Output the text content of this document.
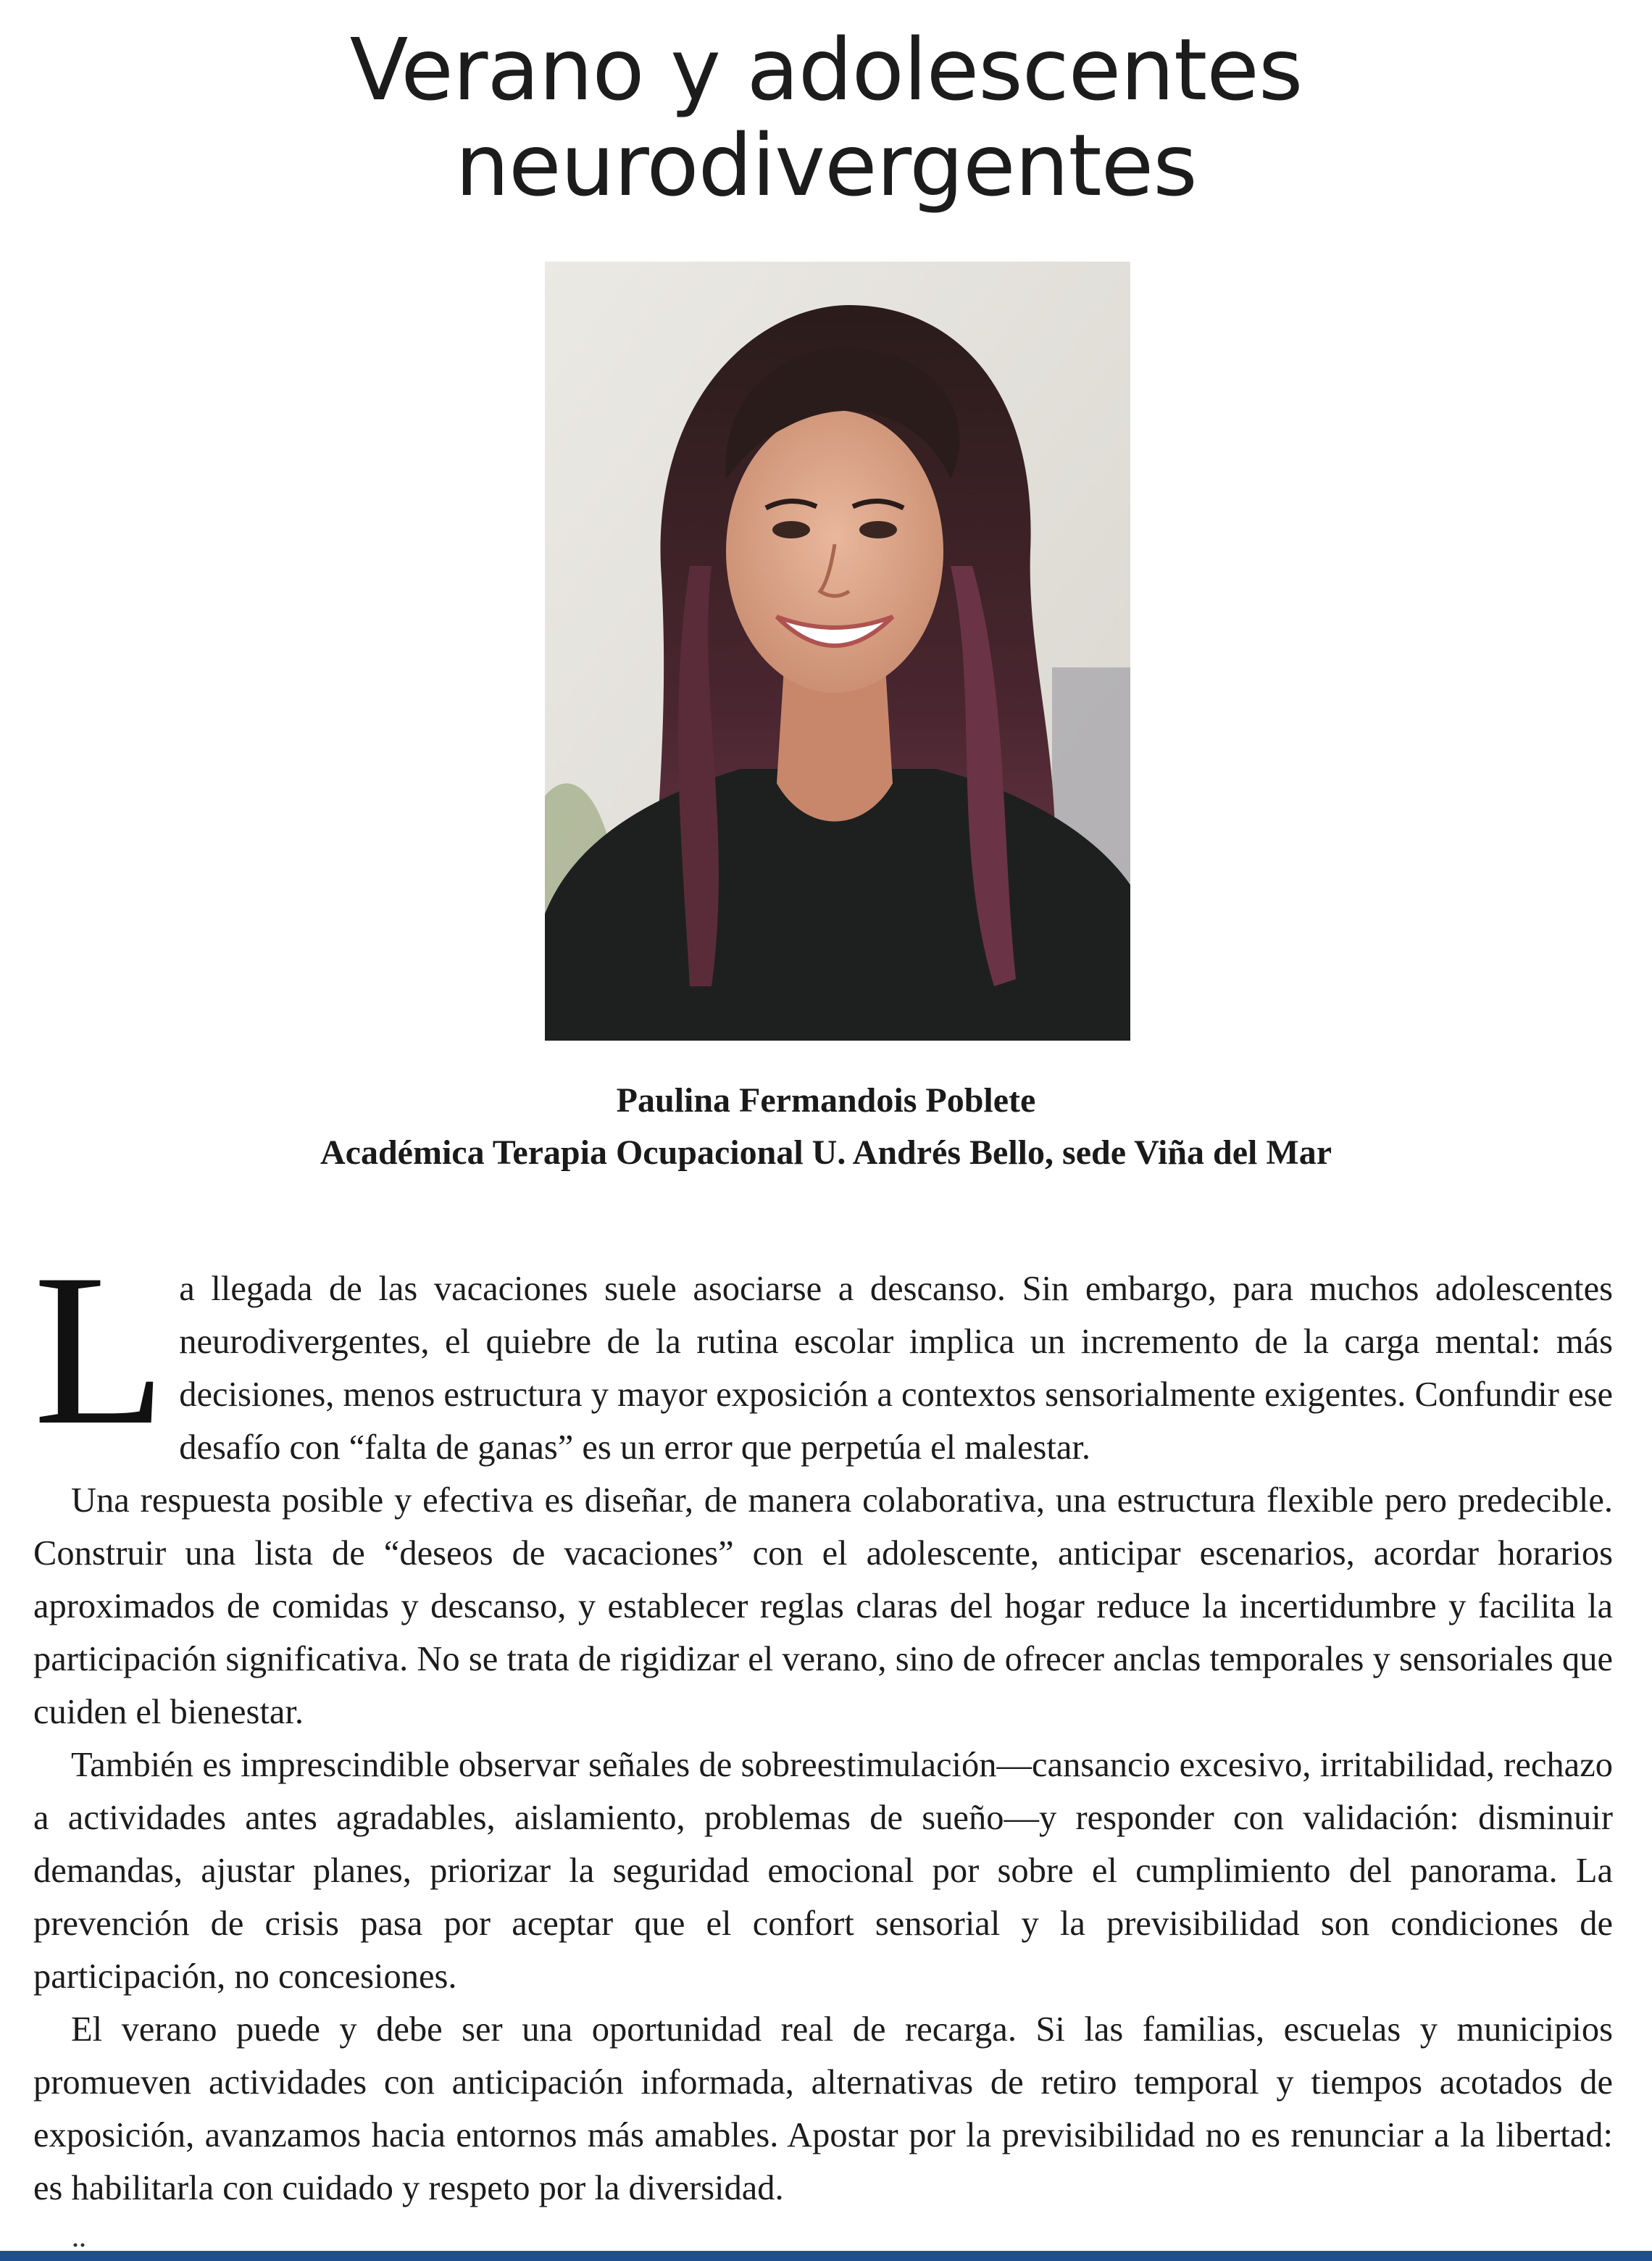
Verano y adolescentes
neurodivergentes
Paulina Fermandois Poblete
Académica Terapia Ocupacional U. Andrés Bello, sede Viña del Mar

La llegada de las vacaciones suele asociarse a descanso. Sin embargo, para muchos adolescentes neurodivergentes, el quiebre de la rutina escolar implica un incremento de la carga mental: más decisiones, menos estructura y mayor exposición a contextos sensorialmente exigentes. Confundir ese desafío con “falta de ganas” es un error que perpetúa el malestar.

Una respuesta posible y efectiva es diseñar, de manera colaborativa, una estructura flexible pero predecible. Construir una lista de “deseos de vacaciones” con el adolescente, anticipar escenarios, acordar horarios aproximados de comidas y descanso, y establecer reglas claras del hogar reduce la incertidumbre y facilita la participación significativa. No se trata de rigidizar el verano, sino de ofrecer anclas temporales y sensoriales que cuiden el bienestar.

También es imprescindible observar señales de sobreestimulación—cansancio excesivo, irritabilidad, rechazo a actividades antes agradables, aislamiento, problemas de sueño—y responder con validación: disminuir demandas, ajustar planes, priorizar la seguridad emocional por sobre el cumplimiento del panorama. La prevención de crisis pasa por aceptar que el confort sensorial y la previsibilidad son condiciones de participación, no concesiones.

El verano puede y debe ser una oportunidad real de recarga. Si las familias, escuelas y municipios promueven actividades con anticipación informada, alternativas de retiro temporal y tiempos acotados de exposición, avanzamos hacia entornos más amables. Apostar por la previsibilidad no es renunciar a la libertad: es habilitarla con cuidado y respeto por la diversidad.
